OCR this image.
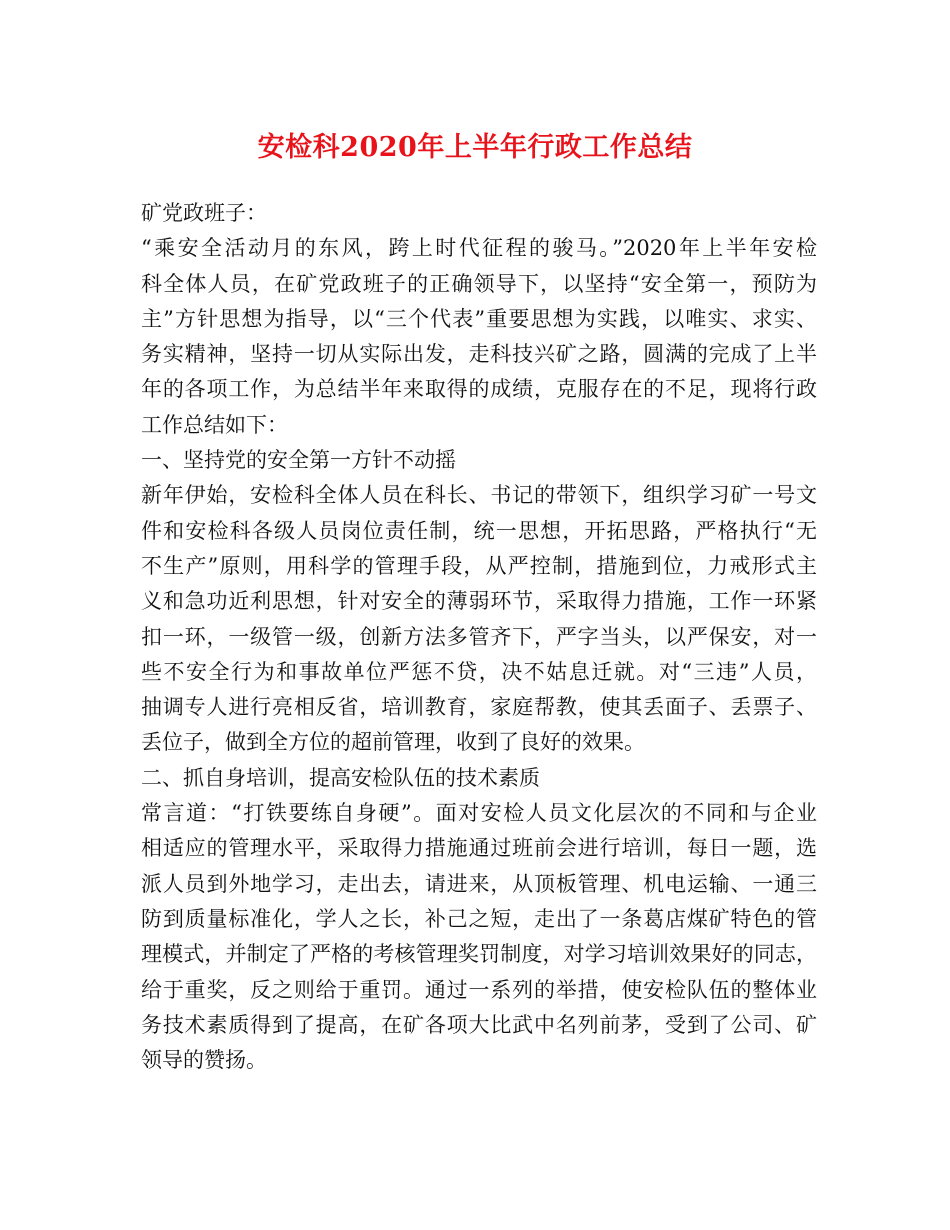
安检科2020年上半年行政工作总结
矿党政班子：
“乘安全活动月的东风，跨上时代征程的骏马。”2020年上半年安检
科全体人员，在矿党政班子的正确领导下，以坚持“安全第一，预防为
主”方针思想为指导，以“三个代表”重要思想为实践，以唯实、求实、
务实精神，坚持一切从实际出发，走科技兴矿之路，圆满的完成了上半
年的各项工作，为总结半年来取得的成绩，克服存在的不足，现将行政
工作总结如下：
一、坚持党的安全第一方针不动摇
新年伊始，安检科全体人员在科长、书记的带领下，组织学习矿一号文
件和安检科各级人员岗位责任制，统一思想，开拓思路，严格执行“无
不生产”原则，用科学的管理手段，从严控制，措施到位，力戒形式主
义和急功近利思想，针对安全的薄弱环节，采取得力措施，工作一环紧
扣一环，一级管一级，创新方法多管齐下，严字当头，以严保安，对一
些不安全行为和事故单位严惩不贷，决不姑息迁就。对“三违”人员，
抽调专人进行亮相反省，培训教育，家庭帮教，使其丢面子、丢票子、
丢位子，做到全方位的超前管理，收到了良好的效果。
二、抓自身培训，提高安检队伍的技术素质
常言道：“打铁要练自身硬”。面对安检人员文化层次的不同和与企业
相适应的管理水平，采取得力措施通过班前会进行培训，每日一题，选
派人员到外地学习，走出去，请进来，从顶板管理、机电运输、一通三
防到质量标准化，学人之长，补己之短，走出了一条葛店煤矿特色的管
理模式，并制定了严格的考核管理奖罚制度，对学习培训效果好的同志，
给于重奖，反之则给于重罚。通过一系列的举措，使安检队伍的整体业
务技术素质得到了提高，在矿各项大比武中名列前茅，受到了公司、矿
领导的赞扬。
